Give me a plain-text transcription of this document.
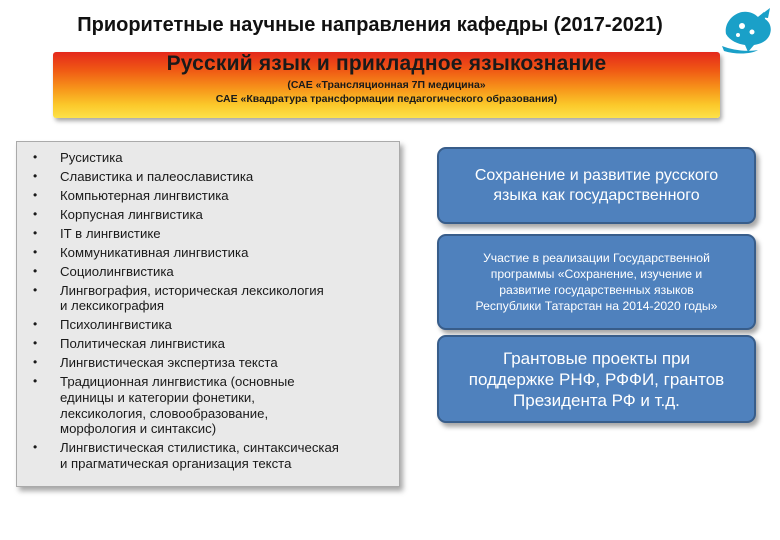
Приоритетные научные направления кафедры (2017-2021)
Русский язык и прикладное языкознание
(САЕ «Трансляционная 7П медицина»
САЕ «Квадратура трансформации педагогического образования)
• Русистика
• Славистика и палеославистика
• Компьютерная лингвистика
• Корпусная лингвистика
• IT в лингвистике
• Коммуникативная лингвистика
• Социолингвистика
• Лингвография, историческая лексикология
и лексикография
• Психолингвистика
• Политическая лингвистика
• Лингвистическая экспертиза текста
• Традиционная лингвистика (основные
единицы и категории фонетики,
лексикология, словообразование,
морфология и синтаксис)
• Лингвистическая стилистика, синтаксическая
и прагматическая организация текста
Сохранение и развитие русского
языка как государственного
Участие в реализации Государственной
программы «Сохранение, изучение и
развитие государственных языков
Республики Татарстан на 2014-2020 годы»
Грантовые проекты при
поддержке РНФ, РФФИ, грантов
Президента РФ и т.д.
